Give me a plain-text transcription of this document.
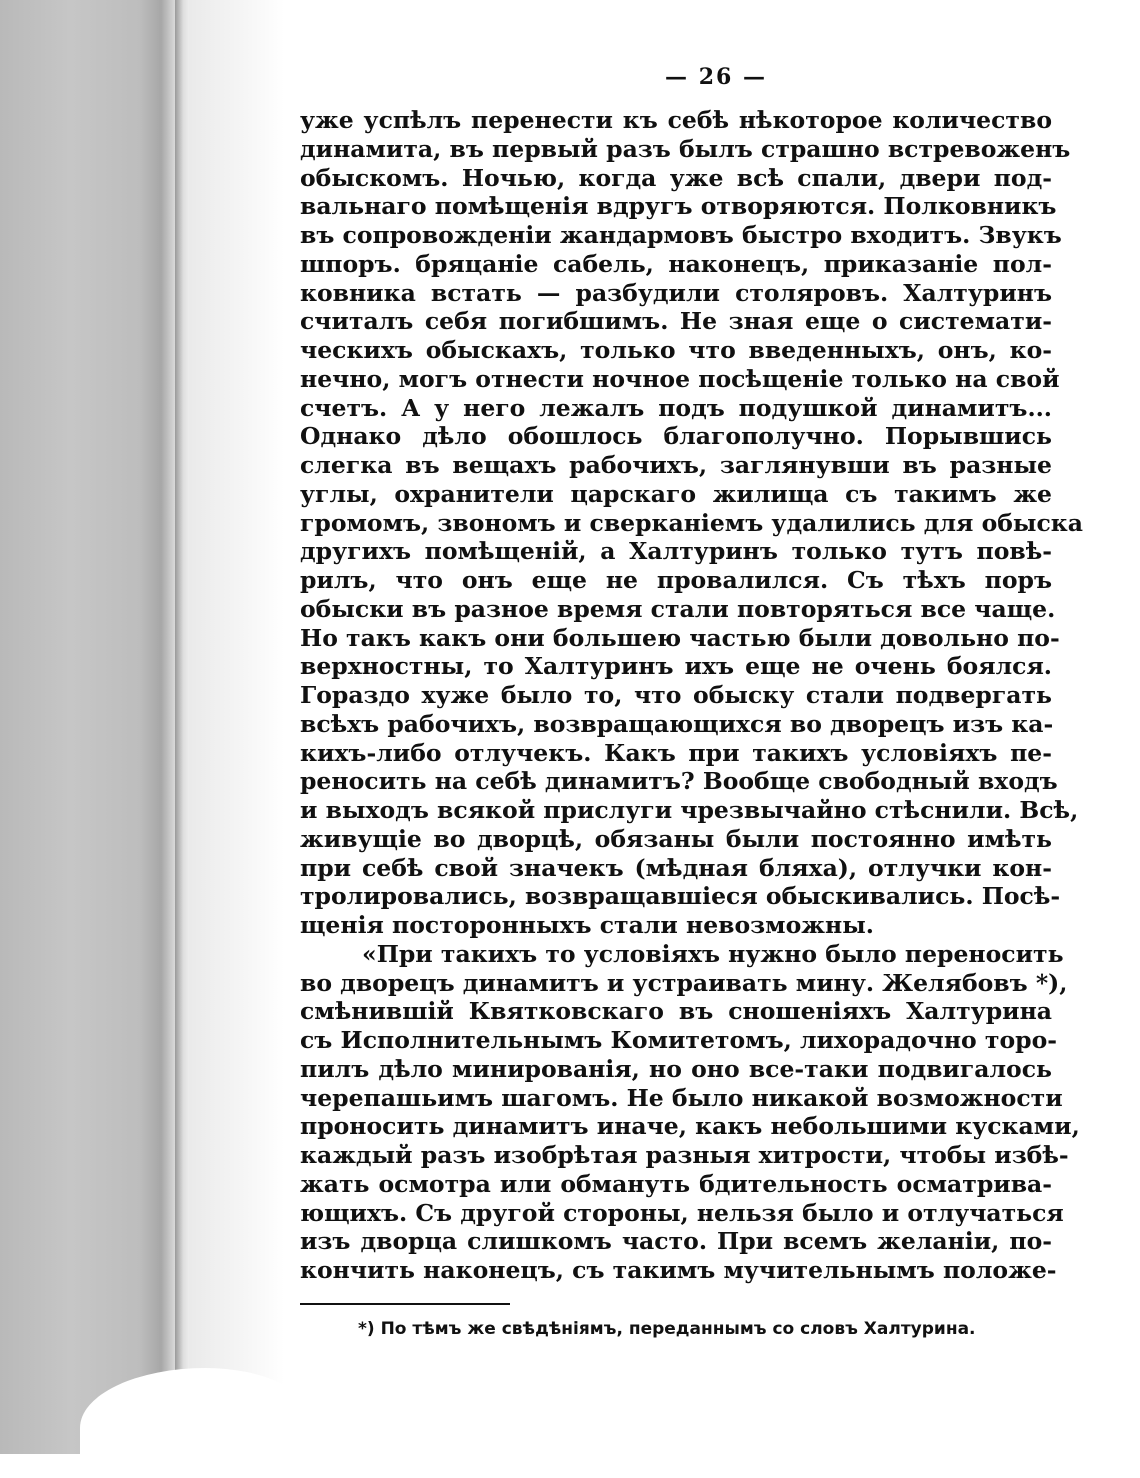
— 26 —
уже успѣлъ перенести къ себѣ нѣкоторое количество
динамита, въ первый разъ былъ страшно встревоженъ
обыскомъ. Ночью, когда уже всѣ спали, двери под-
вальнаго помѣщенія вдругъ отворяются. Полковникъ
въ сопровожденіи жандармовъ быстро входитъ. Звукъ
шпоръ. бряцаніе сабель, наконецъ, приказаніе пол-
ковника встать — разбудили столяровъ. Халтуринъ
считалъ себя погибшимъ. Не зная еще о системати-
ческихъ обыскахъ, только что введенныхъ, онъ, ко-
нечно, могъ отнести ночное посѣщеніе только на свой
счетъ. А у него лежалъ подъ подушкой динамитъ...
Однако дѣло обошлось благополучно. Порывшись
слегка въ вещахъ рабочихъ, заглянувши въ разные
углы, охранители царскаго жилища съ такимъ же
громомъ, звономъ и сверканіемъ удалились для обыска
другихъ помѣщеній, а Халтуринъ только тутъ повѣ-
рилъ, что онъ еще не провалился. Съ тѣхъ поръ
обыски въ разное время стали повторяться все чаще.
Но такъ какъ они большею частью были довольно по-
верхностны, то Халтуринъ ихъ еще не очень боялся.
Гораздо хуже было то, что обыску стали подвергать
всѣхъ рабочихъ, возвращающихся во дворецъ изъ ка-
кихъ-либо отлучекъ. Какъ при такихъ условіяхъ пе-
реносить на себѣ динамитъ? Вообще свободный входъ
и выходъ всякой прислуги чрезвычайно стѣснили. Всѣ,
живущіе во дворцѣ, обязаны были постоянно имѣть
при себѣ свой значекъ (мѣдная бляха), отлучки кон-
тролировались, возвращавшіеся обыскивались. Посѣ-
щенія посторонныхъ стали невозможны.
«При такихъ то условіяхъ нужно было переносить
во дворецъ динамитъ и устраивать мину. Желябовъ *),
смѣнившій Квятковскаго въ сношеніяхъ Халтурина
съ Исполнительнымъ Комитетомъ, лихорадочно торо-
пилъ дѣло минированія, но оно все-таки подвигалось
черепашьимъ шагомъ. Не было никакой возможности
проносить динамитъ иначе, какъ небольшими кусками,
каждый разъ изобрѣтая разныя хитрости, чтобы избѣ-
жать осмотра или обмануть бдительность осматрива-
ющихъ. Съ другой стороны, нельзя было и отлучаться
изъ дворца слишкомъ часто. При всемъ желаніи, по-
кончить наконецъ, съ такимъ мучительнымъ положе-
*) По тѣмъ же свѣдѣніямъ, переданнымъ со словъ Халтурина.
